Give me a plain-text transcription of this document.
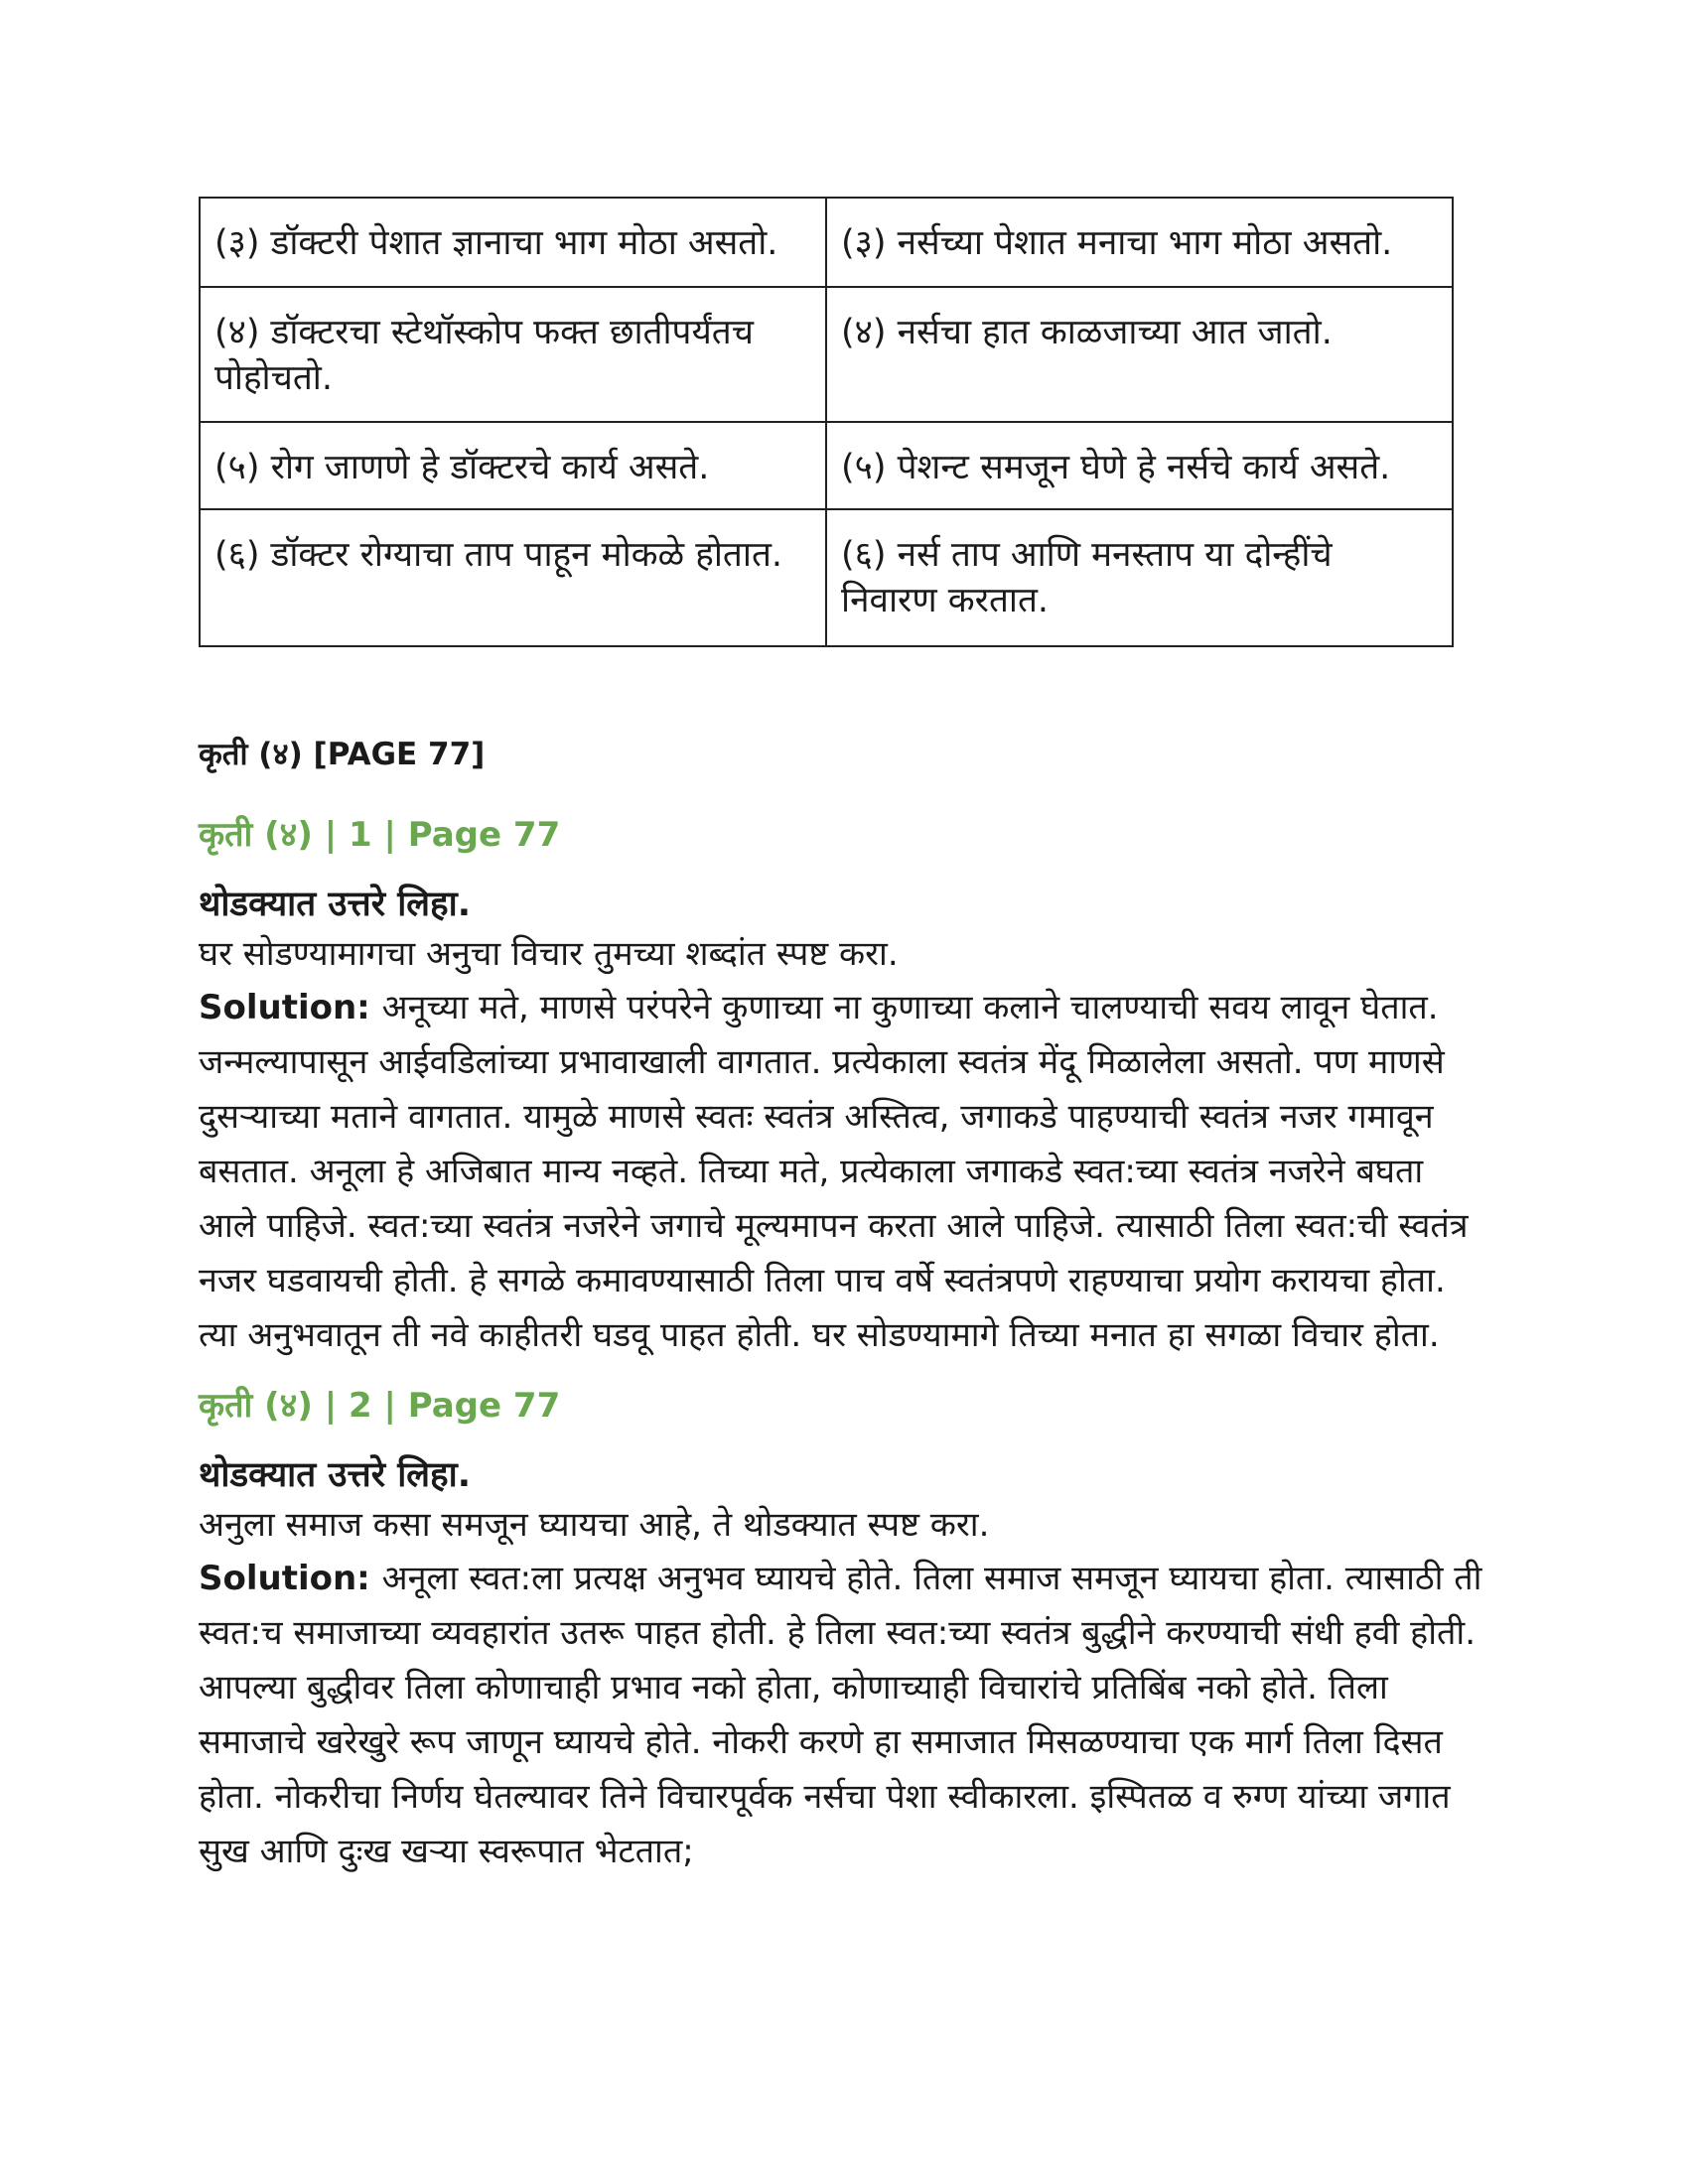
(३) डॉक्टरी पेशात ज्ञानाचा भाग मोठा असतो.	(३) नर्सच्या पेशात मनाचा भाग मोठा असतो.
(४) डॉक्टरचा स्टेथॉस्कोप फक्त छातीपर्यंतच पोहोचतो.	(४) नर्सचा हात काळजाच्या आत जातो.
(५) रोग जाणणे हे डॉक्टरचे कार्य असते.	(५) पेशन्ट समजून घेणे हे नर्सचे कार्य असते.
(६) डॉक्टर रोग्याचा ताप पाहून मोकळे होतात.	(६) नर्स ताप आणि मनस्ताप या दोन्हींचे निवारण करतात.
कृती (४) [PAGE 77]
कृती (४) | 1 | Page 77
थोडक्यात उत्तरे लिहा.
घर सोडण्यामागचा अनुचा विचार तुमच्या शब्दांत स्पष्ट करा.
Solution: अनूच्या मते, माणसे परंपरेने कुणाच्या ना कुणाच्या कलाने चालण्याची सवय लावून घेतात. जन्मल्यापासून आईवडिलांच्या प्रभावाखाली वागतात. प्रत्येकाला स्वतंत्र मेंदू मिळालेला असतो. पण माणसे दुसऱ्याच्या मताने वागतात. यामुळे माणसे स्वतः स्वतंत्र अस्तित्व, जगाकडे पाहण्याची स्वतंत्र नजर गमावून बसतात. अनूला हे अजिबात मान्य नव्हते. तिच्या मते, प्रत्येकाला जगाकडे स्वत:च्या स्वतंत्र नजरेने बघता आले पाहिजे. स्वत:च्या स्वतंत्र नजरेने जगाचे मूल्यमापन करता आले पाहिजे. त्यासाठी तिला स्वत:ची स्वतंत्र नजर घडवायची होती. हे सगळे कमावण्यासाठी तिला पाच वर्षे स्वतंत्रपणे राहण्याचा प्रयोग करायचा होता. त्या अनुभवातून ती नवे काहीतरी घडवू पाहत होती. घर सोडण्यामागे तिच्या मनात हा सगळा विचार होता.
कृती (४) | 2 | Page 77
थोडक्यात उत्तरे लिहा.
अनुला समाज कसा समजून घ्यायचा आहे, ते थोडक्यात स्पष्ट करा.
Solution: अनूला स्वत:ला प्रत्यक्ष अनुभव घ्यायचे होते. तिला समाज समजून घ्यायचा होता. त्यासाठी ती स्वत:च समाजाच्या व्यवहारांत उतरू पाहत होती. हे तिला स्वत:च्या स्वतंत्र बुद्धीने करण्याची संधी हवी होती. आपल्या बुद्धीवर तिला कोणाचाही प्रभाव नको होता, कोणाच्याही विचारांचे प्रतिबिंब नको होते. तिला समाजाचे खरेखुरे रूप जाणून घ्यायचे होते. नोकरी करणे हा समाजात मिसळण्याचा एक मार्ग तिला दिसत होता. नोकरीचा निर्णय घेतल्यावर तिने विचारपूर्वक नर्सचा पेशा स्वीकारला. इस्पितळ व रुग्ण यांच्या जगात सुख आणि दुःख खऱ्या स्वरूपात भेटतात;
